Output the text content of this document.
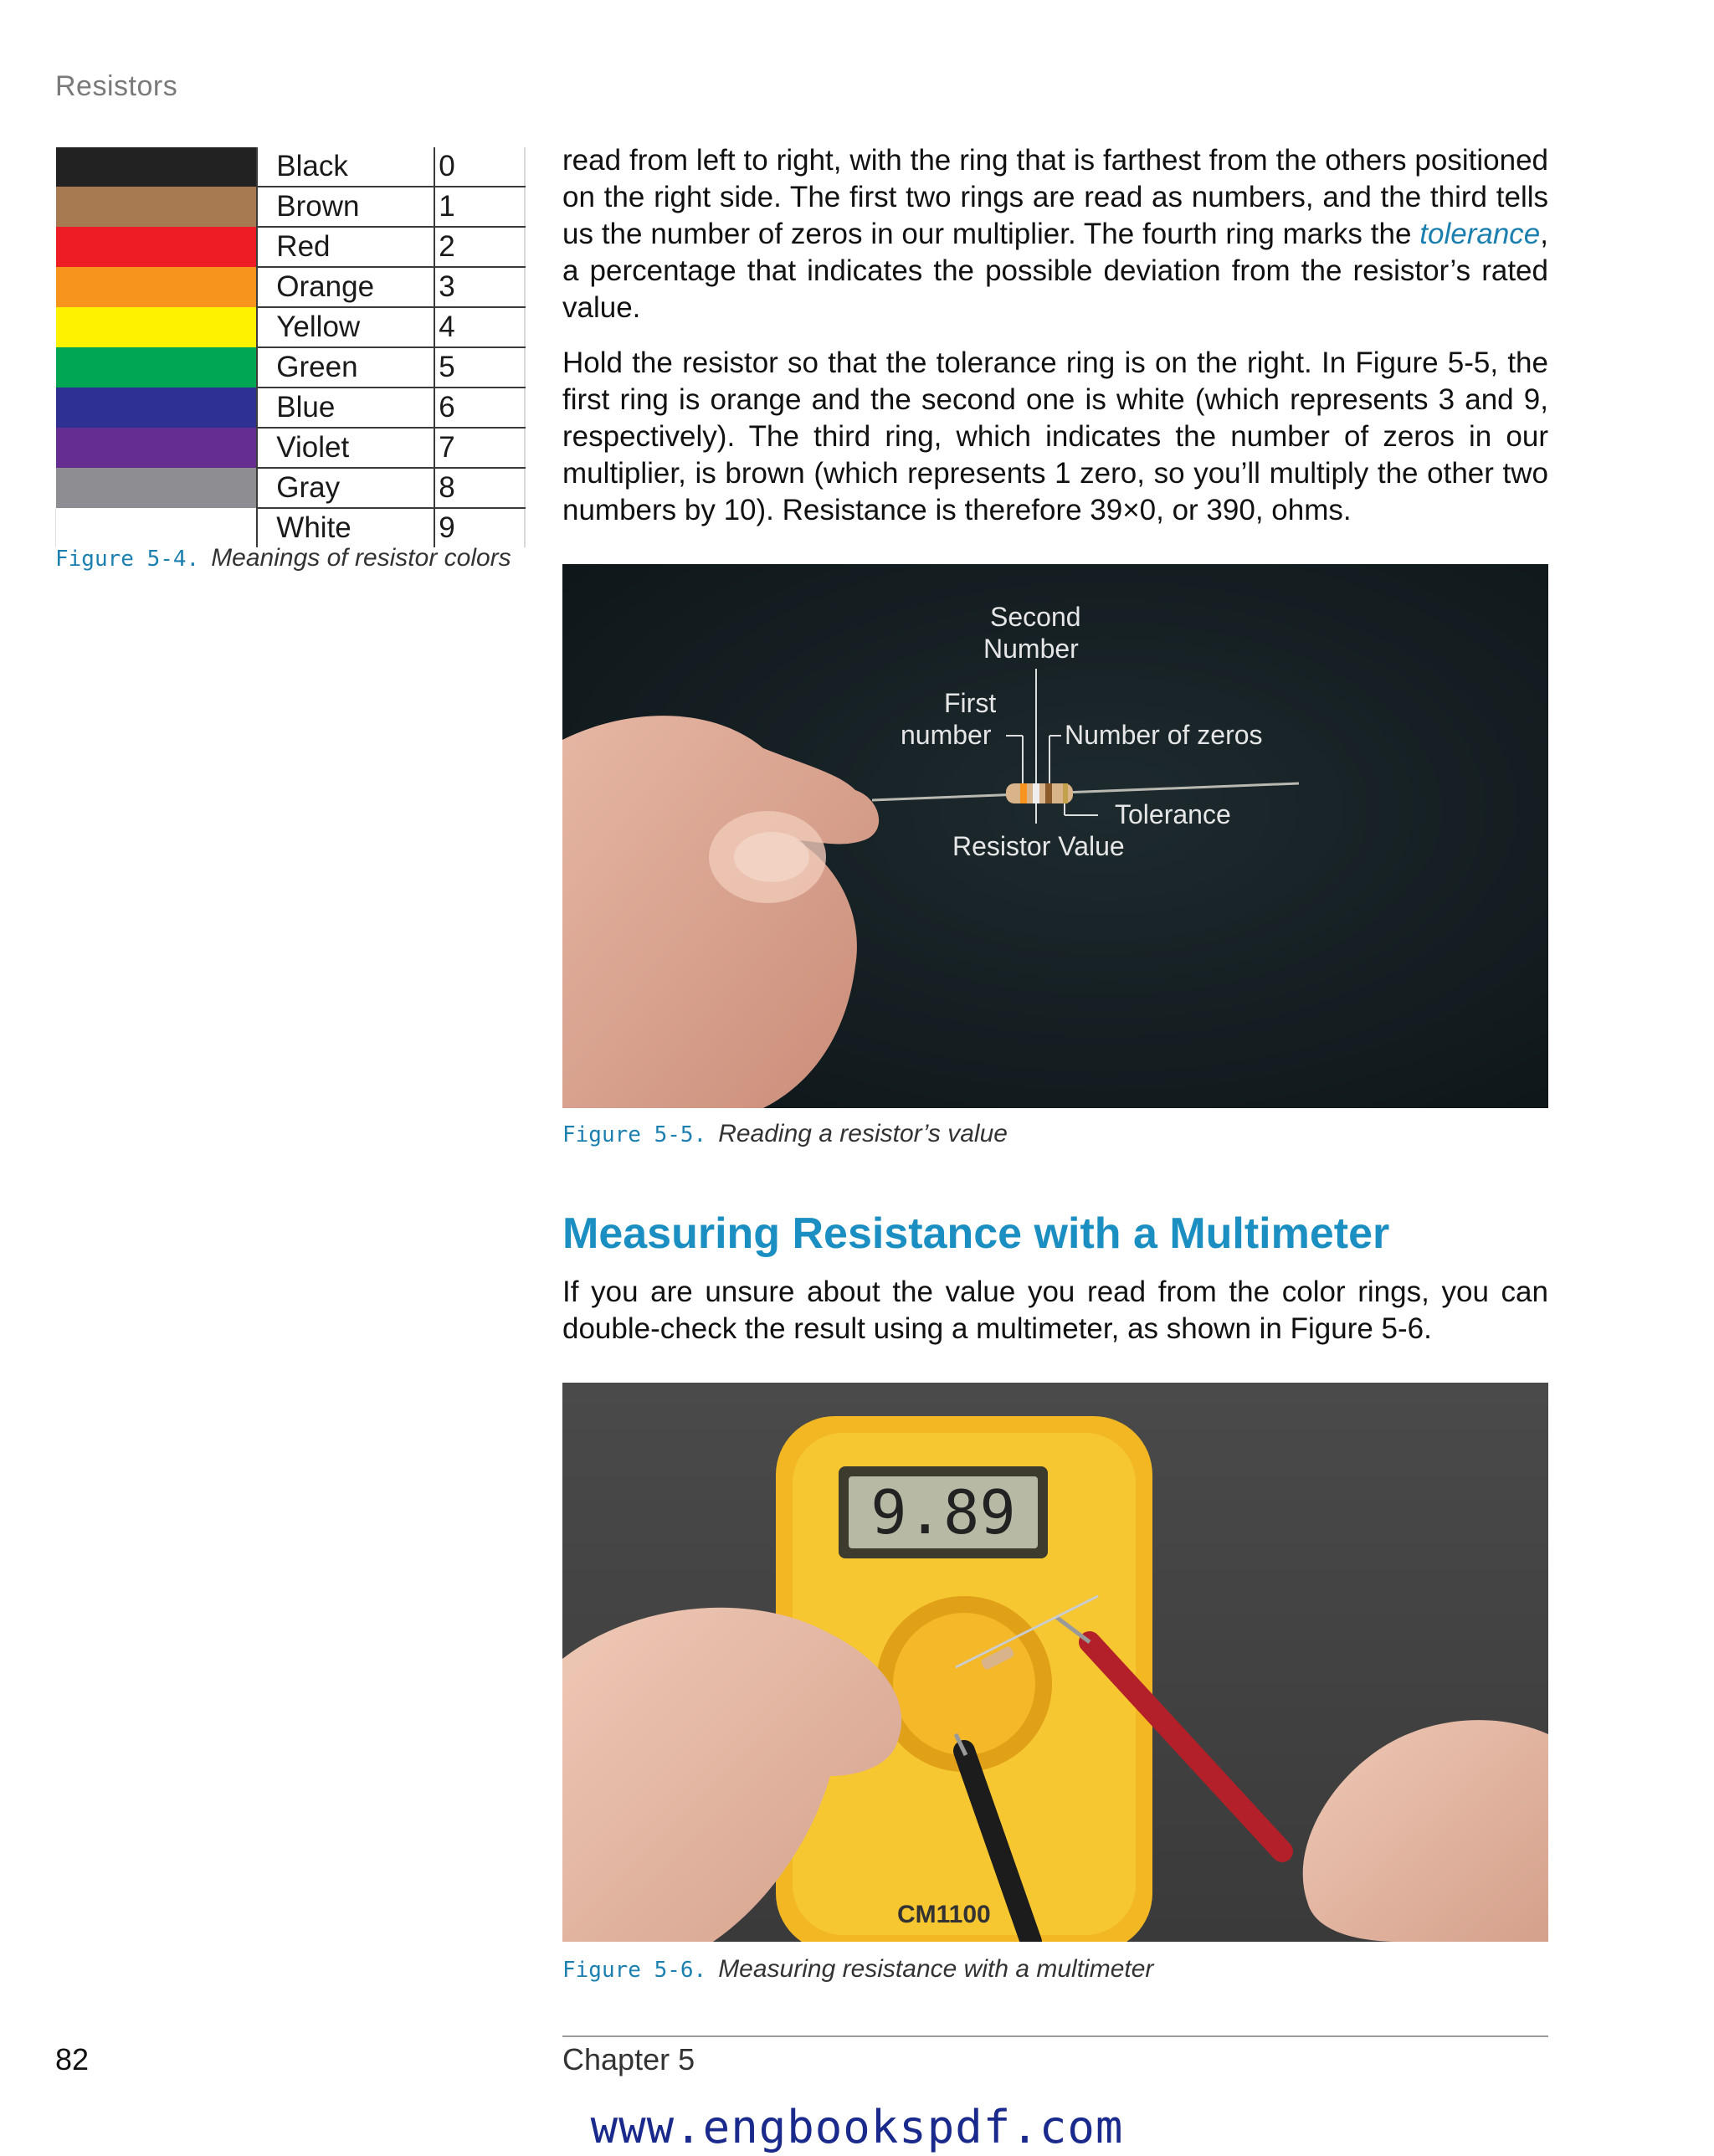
Resistors
	Black	0
	Brown	1
	Red	2
	Orange	3
	Yellow	4
	Green	5
	Blue	6
	Violet	7
	Gray	8
	White	9
Figure 5-4. Meanings of resistor colors

read from left to right, with the ring that is farthest from the others positioned on the right side. The first two rings are read as numbers, and the third tells us the number of zeros in our multiplier. The fourth ring marks the tolerance, a percentage that indicates the possible deviation from the resistor’s rated value.

Hold the resistor so that the tolerance ring is on the right. In Figure 5-5, the first ring is orange and the second one is white (which represents 3 and 9, respectively). The third ring, which indicates the number of zeros in our multiplier, is brown (which represents 1 zero, so you’ll multiply the other two numbers by 10). Resistance is therefore 39×0, or 390, ohms.

Second
Number
First
number	Number of zeros
Tolerance
Resistor Value
Figure 5-5. Reading a resistor’s value
Measuring Resistance with a Multimeter

If you are unsure about the value you read from the color rings, you can double-check the result using a multimeter, as shown in Figure 5-6.

9.89
CM1100
Figure 5-6. Measuring resistance with a multimeter
82	Chapter 5
www.engbookspdf.com
